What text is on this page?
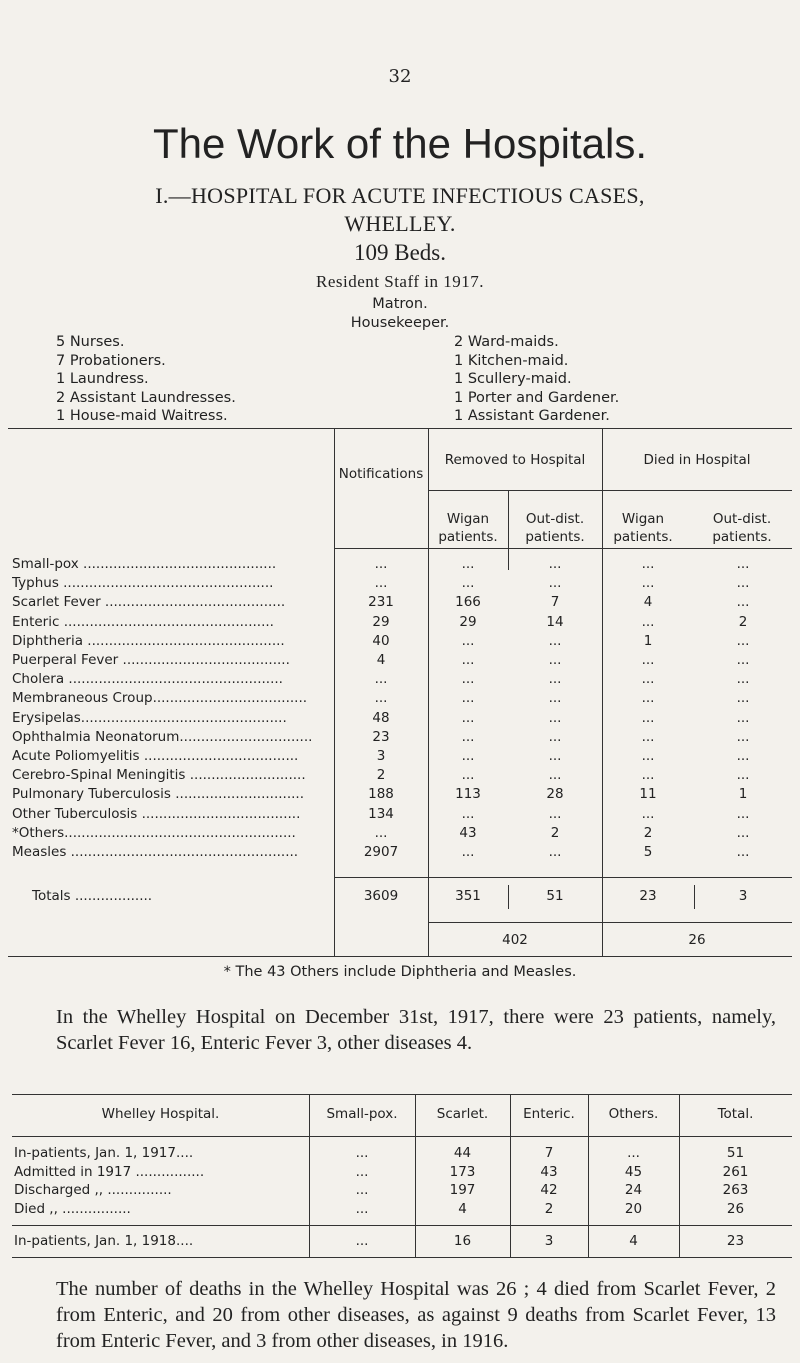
32
The Work of the Hospitals.
I.—HOSPITAL FOR ACUTE INFECTIOUS CASES,
WHELLEY.
109 Beds.
Resident Staff in 1917.
Matron.
Housekeeper.
5 Nurses.
7 Probationers.
1 Laundress.
2 Assistant Laundresses.
1 House-maid Waitress.
2 Ward-maids.
1 Kitchen-maid.
1 Scullery-maid.
1 Porter and Gardener.
1 Assistant Gardener.
Notifications
Removed to Hospital	Died in Hospital
Wigan patients.
Out-dist. patients.
Wigan patients.
Out-dist. patients.
Small-pox .............................................	...	...	...	...	...
Typhus .................................................	...	...	...	...	...
Scarlet Fever ..........................................	231	166	7	4	...
Enteric .................................................	29	29	14	...	2
Diphtheria ..............................................	40	...	...	1	...
Puerperal Fever .......................................	4	...	...	...	...
Cholera ..................................................	...	...	...	...	...
Membraneous Croup....................................	...	...	...	...	...
Erysipelas................................................	48	...	...	...	...
Ophthalmia Neonatorum...............................	23	...	...	...	...
Acute Poliomyelitis ....................................	3	...	...	...	...
Cerebro-Spinal Meningitis ...........................	2	...	...	...	...
Pulmonary Tuberculosis ..............................	188	113	28	11	1
Other Tuberculosis .....................................	134	...	...	...	...
*Others......................................................	...	43	2	2	...
Measles .....................................................	2907	...	...	5	...
Totals ..................	3609	351	51	23	3
402	26
* The 43 Others include Diphtheria and Measles.
In the Whelley Hospital on December 31st, 1917, there were 23 patients, namely, Scarlet Fever 16, Enteric Fever 3, other diseases 4.
Whelley Hospital.	Small-pox.	Scarlet.	Enteric.	Others.	Total.
In-patients, Jan. 1, 1917....	...	44	7	...	51
Admitted in 1917 ................	...	173	43	45	261
Discharged ,, ...............	...	197	42	24	263
Died ,, ................	...	4	2	20	26
In-patients, Jan. 1, 1918....	...	16	3	4	23
The number of deaths in the Whelley Hospital was 26 ; 4 died from Scarlet Fever, 2 from Enteric, and 20 from other diseases, as against 9 deaths from Scarlet Fever, 13 from Enteric Fever, and 3 from other diseases, in 1916.
